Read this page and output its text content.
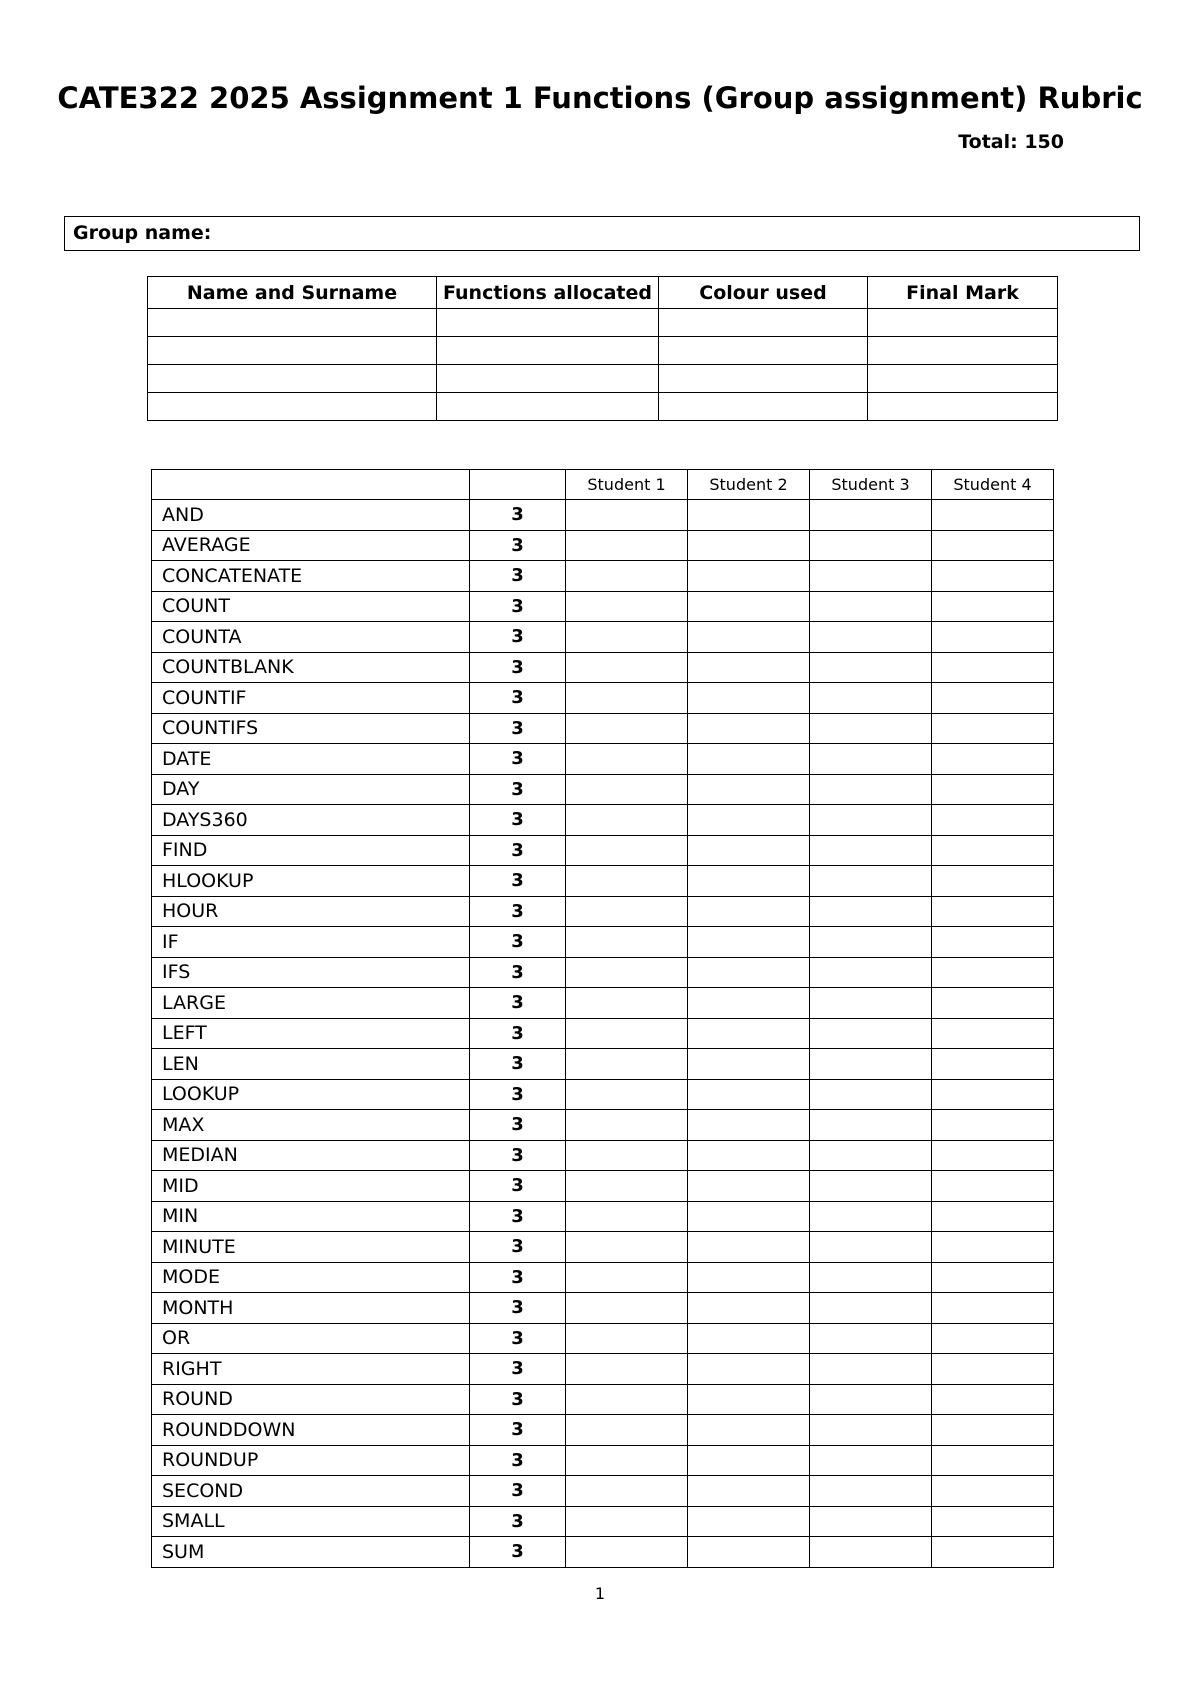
CATE322 2025 Assignment 1 Functions (Group assignment) Rubric
Total: 150
Group name:
Name and Surname	Functions allocated	Colour used	Final Mark

		Student 1	Student 2	Student 3	Student 4
AND	3				
AVERAGE	3				
CONCATENATE	3				
COUNT	3				
COUNTA	3				
COUNTBLANK	3				
COUNTIF	3				
COUNTIFS	3				
DATE	3				
DAY	3				
DAYS360	3				
FIND	3				
HLOOKUP	3				
HOUR	3				
IF	3				
IFS	3				
LARGE	3				
LEFT	3				
LEN	3				
LOOKUP	3				
MAX	3				
MEDIAN	3				
MID	3				
MIN	3				
MINUTE	3				
MODE	3				
MONTH	3				
OR	3				
RIGHT	3				
ROUND	3				
ROUNDDOWN	3				
ROUNDUP	3				
SECOND	3				
SMALL	3				
SUM	3				
1
